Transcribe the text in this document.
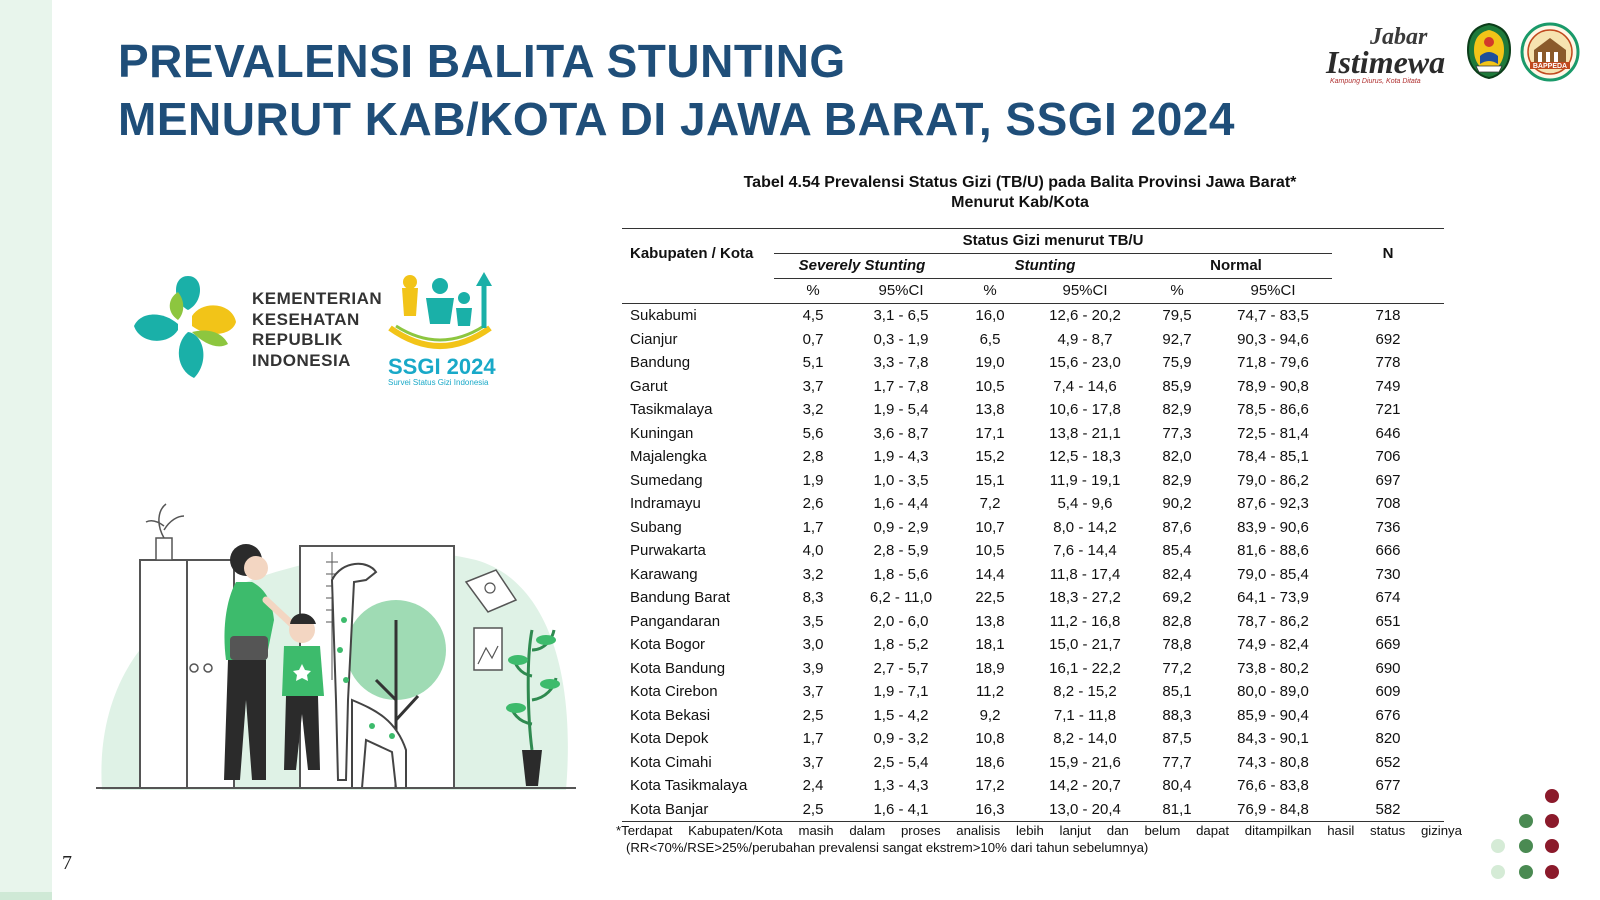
PREVALENSI BALITA STUNTING
MENURUT KAB/KOTA DI JAWA BARAT, SSGI 2024
Jabar
Istimewa
Kampung Diurus, Kota Ditata
BAPPEDA
KEMENTERIAN
KESEHATAN
REPUBLIK
INDONESIA	SSGI 2024
Survei Status Gizi Indonesia
Tabel 4.54 Prevalensi Status Gizi (TB/U) pada Balita Provinsi Jawa Barat*
Menurut Kab/Kota
Kabupaten / Kota	Status Gizi menurut TB/U						N
	Severely Stunting		Stunting		Normal		
	%	95%CI	%	95%CI	%	95%CI	
Sukabumi	4,5	3,1 - 6,5	16,0	12,6 - 20,2	79,5	74,7 - 83,5	718
Cianjur	0,7	0,3 - 1,9	6,5	4,9 - 8,7	92,7	90,3 - 94,6	692
Bandung	5,1	3,3 - 7,8	19,0	15,6 - 23,0	75,9	71,8 - 79,6	778
Garut	3,7	1,7 - 7,8	10,5	7,4 - 14,6	85,9	78,9 - 90,8	749
Tasikmalaya	3,2	1,9 - 5,4	13,8	10,6 - 17,8	82,9	78,5 - 86,6	721
Kuningan	5,6	3,6 - 8,7	17,1	13,8 - 21,1	77,3	72,5 - 81,4	646
Majalengka	2,8	1,9 - 4,3	15,2	12,5 - 18,3	82,0	78,4 - 85,1	706
Sumedang	1,9	1,0 - 3,5	15,1	11,9 - 19,1	82,9	79,0 - 86,2	697
Indramayu	2,6	1,6 - 4,4	7,2	5,4 - 9,6	90,2	87,6 - 92,3	708
Subang	1,7	0,9 - 2,9	10,7	8,0 - 14,2	87,6	83,9 - 90,6	736
Purwakarta	4,0	2,8 - 5,9	10,5	7,6 - 14,4	85,4	81,6 - 88,6	666
Karawang	3,2	1,8 - 5,6	14,4	11,8 - 17,4	82,4	79,0 - 85,4	730
Bandung Barat	8,3	6,2 - 11,0	22,5	18,3 - 27,2	69,2	64,1 - 73,9	674
Pangandaran	3,5	2,0 - 6,0	13,8	11,2 - 16,8	82,8	78,7 - 86,2	651
Kota Bogor	3,0	1,8 - 5,2	18,1	15,0 - 21,7	78,8	74,9 - 82,4	669
Kota Bandung	3,9	2,7 - 5,7	18,9	16,1 - 22,2	77,2	73,8 - 80,2	690
Kota Cirebon	3,7	1,9 - 7,1	11,2	8,2 - 15,2	85,1	80,0 - 89,0	609
Kota Bekasi	2,5	1,5 - 4,2	9,2	7,1 - 11,8	88,3	85,9 - 90,4	676
Kota Depok	1,7	0,9 - 3,2	10,8	8,2 - 14,0	87,5	84,3 - 90,1	820
Kota Cimahi	3,7	2,5 - 5,4	18,6	15,9 - 21,6	77,7	74,3 - 80,8	652
Kota Tasikmalaya	2,4	1,3 - 4,3	17,2	14,2 - 20,7	80,4	76,6 - 83,8	677
Kota Banjar	2,5	1,6 - 4,1	16,3	13,0 - 20,4	81,1	76,9 - 84,8	582
*Terdapat Kabupaten/Kota masih dalam proses analisis lebih lanjut dan belum dapat ditampilkan hasil status gizinya
(RR<70%/RSE>25%/perubahan prevalensi sangat ekstrem>10% dari tahun sebelumnya)
7
